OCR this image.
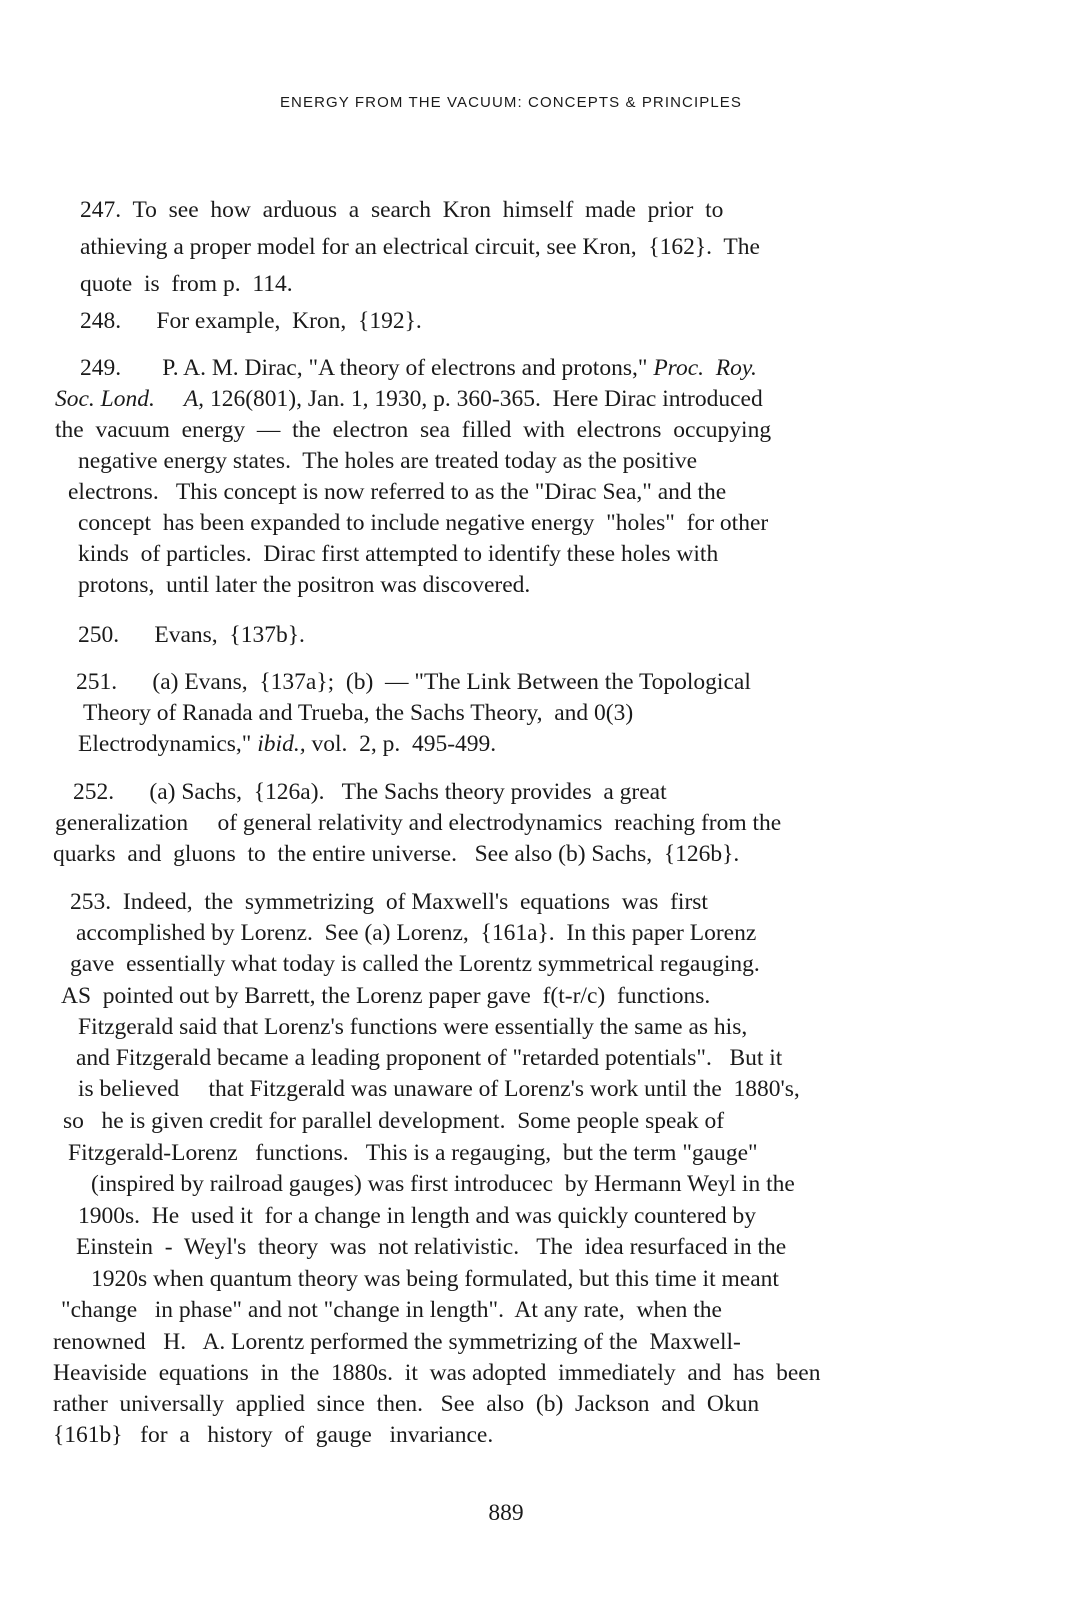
ENERGY FROM THE VACUUM: CONCEPTS & PRINCIPLES
247.  To  see  how  arduous  a  search  Kron  himself  made  prior  to
athieving a proper model for an electrical circuit, see Kron,  {162}.  The
quote  is  from p.  114.
248.      For example,  Kron,  {192}.
249.       P. A. M. Dirac, "A theory of electrons and protons," Proc.  Roy.
Soc. Lond.     A, 126(801), Jan. 1, 1930, p. 360-365.  Here Dirac introduced
the  vacuum  energy  —  the  electron  sea  filled  with  electrons  occupying
negative energy states.  The holes are treated today as the positive
electrons.   This concept is now referred to as the "Dirac Sea," and the
concept  has been expanded to include negative energy  "holes"  for other
kinds  of particles.  Dirac first attempted to identify these holes with
protons,  until later the positron was discovered.
250.      Evans,  {137b}.
251.      (a) Evans,  {137a};  (b)  — "The Link Between the Topological
Theory of Ranada and Trueba, the Sachs Theory,  and 0(3)
Electrodynamics," ibid., vol.  2, p.  495-499.
252.      (a) Sachs,  {126a).   The Sachs theory provides  a great
generalization     of general relativity and electrodynamics  reaching from the
quarks  and  gluons  to  the entire universe.   See also (b) Sachs,  {126b}.
253.  Indeed,  the  symmetrizing  of Maxwell's  equations  was  first
accomplished by Lorenz.  See (a) Lorenz,  {161a}.  In this paper Lorenz
gave  essentially what today is called the Lorentz symmetrical regauging.
AS  pointed out by Barrett, the Lorenz paper gave  f(t-r/c)  functions.
Fitzgerald said that Lorenz's functions were essentially the same as his,
and Fitzgerald became a leading proponent of "retarded potentials".   But it
is believed     that Fitzgerald was unaware of Lorenz's work until the  1880's,
so   he is given credit for parallel development.  Some people speak of
Fitzgerald-Lorenz   functions.   This is a regauging,  but the term "gauge"
(inspired by railroad gauges) was first introducec  by Hermann Weyl in the
1900s.  He  used it  for a change in length and was quickly countered by
Einstein  -  Weyl's  theory  was  not relativistic.   The  idea resurfaced in the
1920s when quantum theory was being formulated, but this time it meant
"change   in phase" and not "change in length".  At any rate,  when the
renowned   H.   A. Lorentz performed the symmetrizing of the  Maxwell-
Heaviside  equations  in  the  1880s.  it  was adopted  immediately  and  has  been
rather  universally  applied  since  then.   See  also  (b)  Jackson  and  Okun
{161b}   for  a   history  of  gauge   invariance.
889
